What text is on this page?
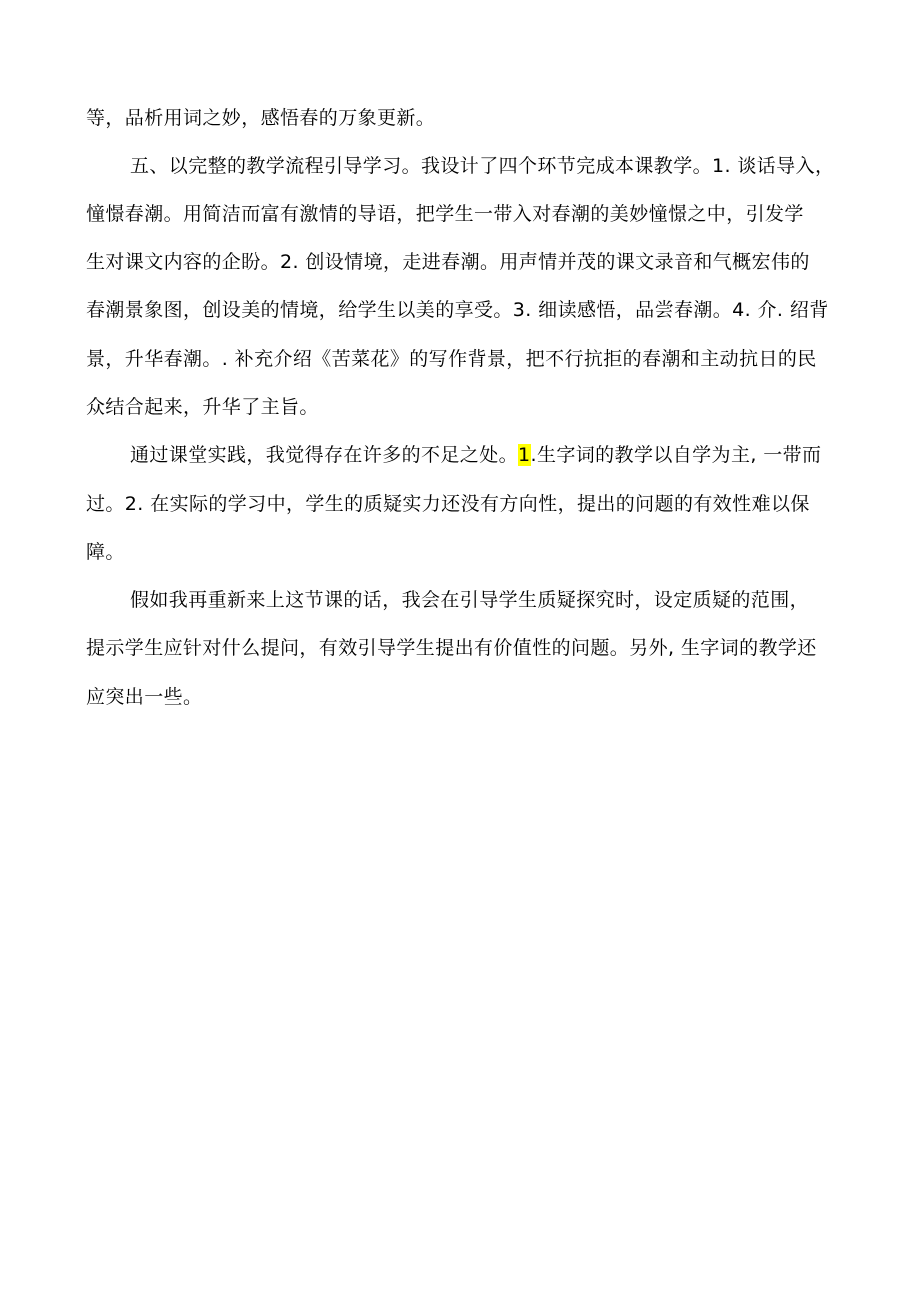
等，品析用词之妙，感悟春的万象更新。
五、以完整的教学流程引导学习。我设计了四个环节完成本课教学。1. 谈话导入，
憧憬春潮。用简洁而富有激情的导语，把学生一带入对春潮的美妙憧憬之中，引发学
生对课文内容的企盼。2. 创设情境，走进春潮。用声情并茂的课文录音和气概宏伟的
春潮景象图，创设美的情境，给学生以美的享受。3. 细读感悟，品尝春潮。4. 介. 绍背
景，升华春潮。. 补充介绍《苦菜花》的写作背景，把不行抗拒的春潮和主动抗日的民
众结合起来，升华了主旨。
通过课堂实践，我觉得存在许多的不足之处。1.生字词的教学以自学为主, 一带而
过。2. 在实际的学习中，学生的质疑实力还没有方向性，提出的问题的有效性难以保
障。
假如我再重新来上这节课的话，我会在引导学生质疑探究时，设定质疑的范围，
提示学生应针对什么提问，有效引导学生提出有价值性的问题。另外, 生字词的教学还
应突出一些。
